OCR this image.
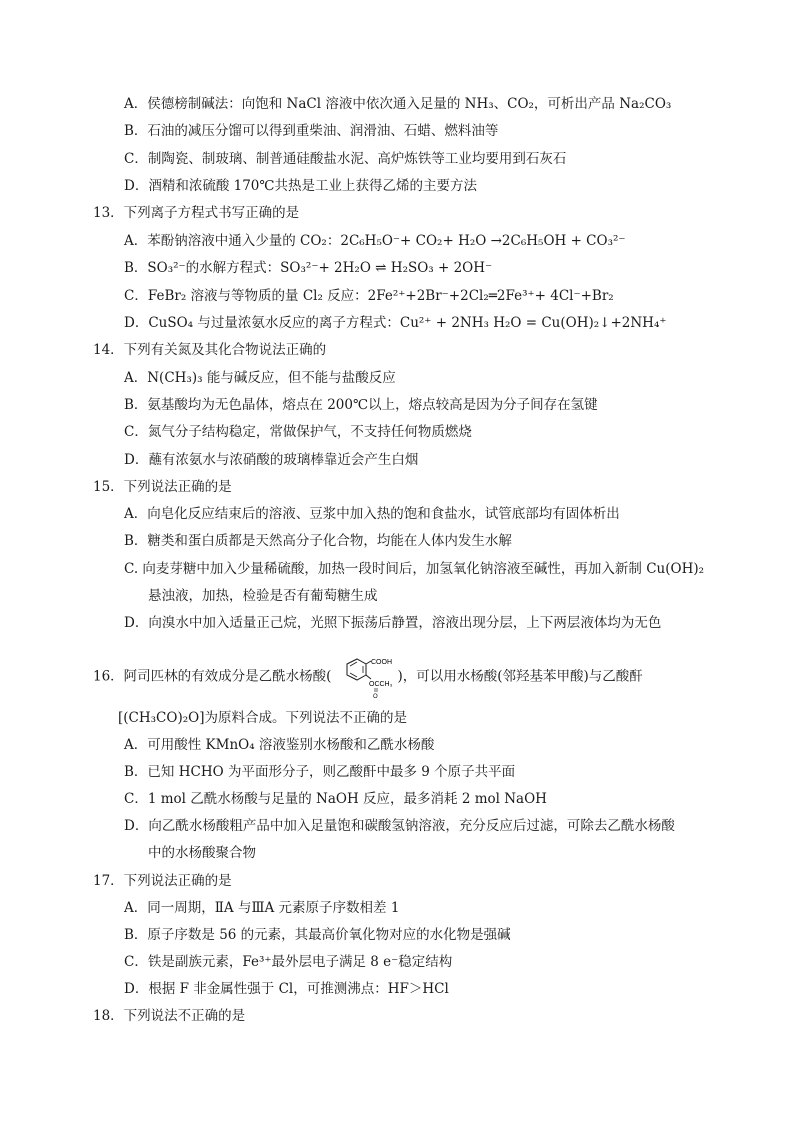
A．侯德榜制碱法：向饱和 NaCl 溶液中依次通入足量的 NH₃、CO₂，可析出产品 Na₂CO₃
B．石油的减压分馏可以得到重柴油、润滑油、石蜡、燃料油等
C．制陶瓷、制玻璃、制普通硅酸盐水泥、高炉炼铁等工业均要用到石灰石
D．酒精和浓硫酸 170℃共热是工业上获得乙烯的主要方法
13．下列离子方程式书写正确的是
A．苯酚钠溶液中通入少量的 CO₂：2C₆H₅O⁻+ CO₂+ H₂O →2C₆H₅OH + CO₃²⁻
B．SO₃²⁻的水解方程式：SO₃²⁻+ 2H₂O ⇌ H₂SO₃ + 2OH⁻
C．FeBr₂ 溶液与等物质的量 Cl₂ 反应：2Fe²⁺+2Br⁻+2Cl₂═2Fe³⁺+ 4Cl⁻+Br₂
D．CuSO₄ 与过量浓氨水反应的离子方程式：Cu²⁺ + 2NH₃ H₂O = Cu(OH)₂↓+2NH₄⁺
14．下列有关氮及其化合物说法正确的
A．N(CH₃)₃ 能与碱反应，但不能与盐酸反应
B．氨基酸均为无色晶体，熔点在 200℃以上，熔点较高是因为分子间存在氢键
C．氮气分子结构稳定，常做保护气，不支持任何物质燃烧
D．蘸有浓氨水与浓硝酸的玻璃棒靠近会产生白烟
15．下列说法正确的是
A．向皂化反应结束后的溶液、豆浆中加入热的饱和食盐水，试管底部均有固体析出
B．糖类和蛋白质都是天然高分子化合物，均能在人体内发生水解
C. 向麦芽糖中加入少量稀硫酸，加热一段时间后，加氢氧化钠溶液至碱性，再加入新制 Cu(OH)₂
悬浊液，加热，检验是否有葡萄糖生成
D．向溴水中加入适量正己烷，光照下振荡后静置，溶液出现分层，上下两层液体均为无色
16．阿司匹林的有效成分是乙酰水杨酸(
COOH
OCCH₃
O
)，可以用水杨酸(邻羟基苯甲酸)与乙酸酐
[(CH₃CO)₂O]为原料合成。下列说法不正确的是
A．可用酸性 KMnO₄ 溶液鉴别水杨酸和乙酰水杨酸
B．已知 HCHO 为平面形分子，则乙酸酐中最多 9 个原子共平面
C．1 mol 乙酰水杨酸与足量的 NaOH 反应，最多消耗 2 mol NaOH
D．向乙酰水杨酸粗产品中加入足量饱和碳酸氢钠溶液，充分反应后过滤，可除去乙酰水杨酸
中的水杨酸聚合物
17．下列说法正确的是
A．同一周期，ⅡA 与ⅢA 元素原子序数相差 1
B．原子序数是 56 的元素，其最高价氧化物对应的水化物是强碱
C．铁是副族元素，Fe³⁺最外层电子满足 8 e⁻稳定结构
D．根据 F 非金属性强于 Cl，可推测沸点：HF＞HCl
18．下列说法不正确的是
